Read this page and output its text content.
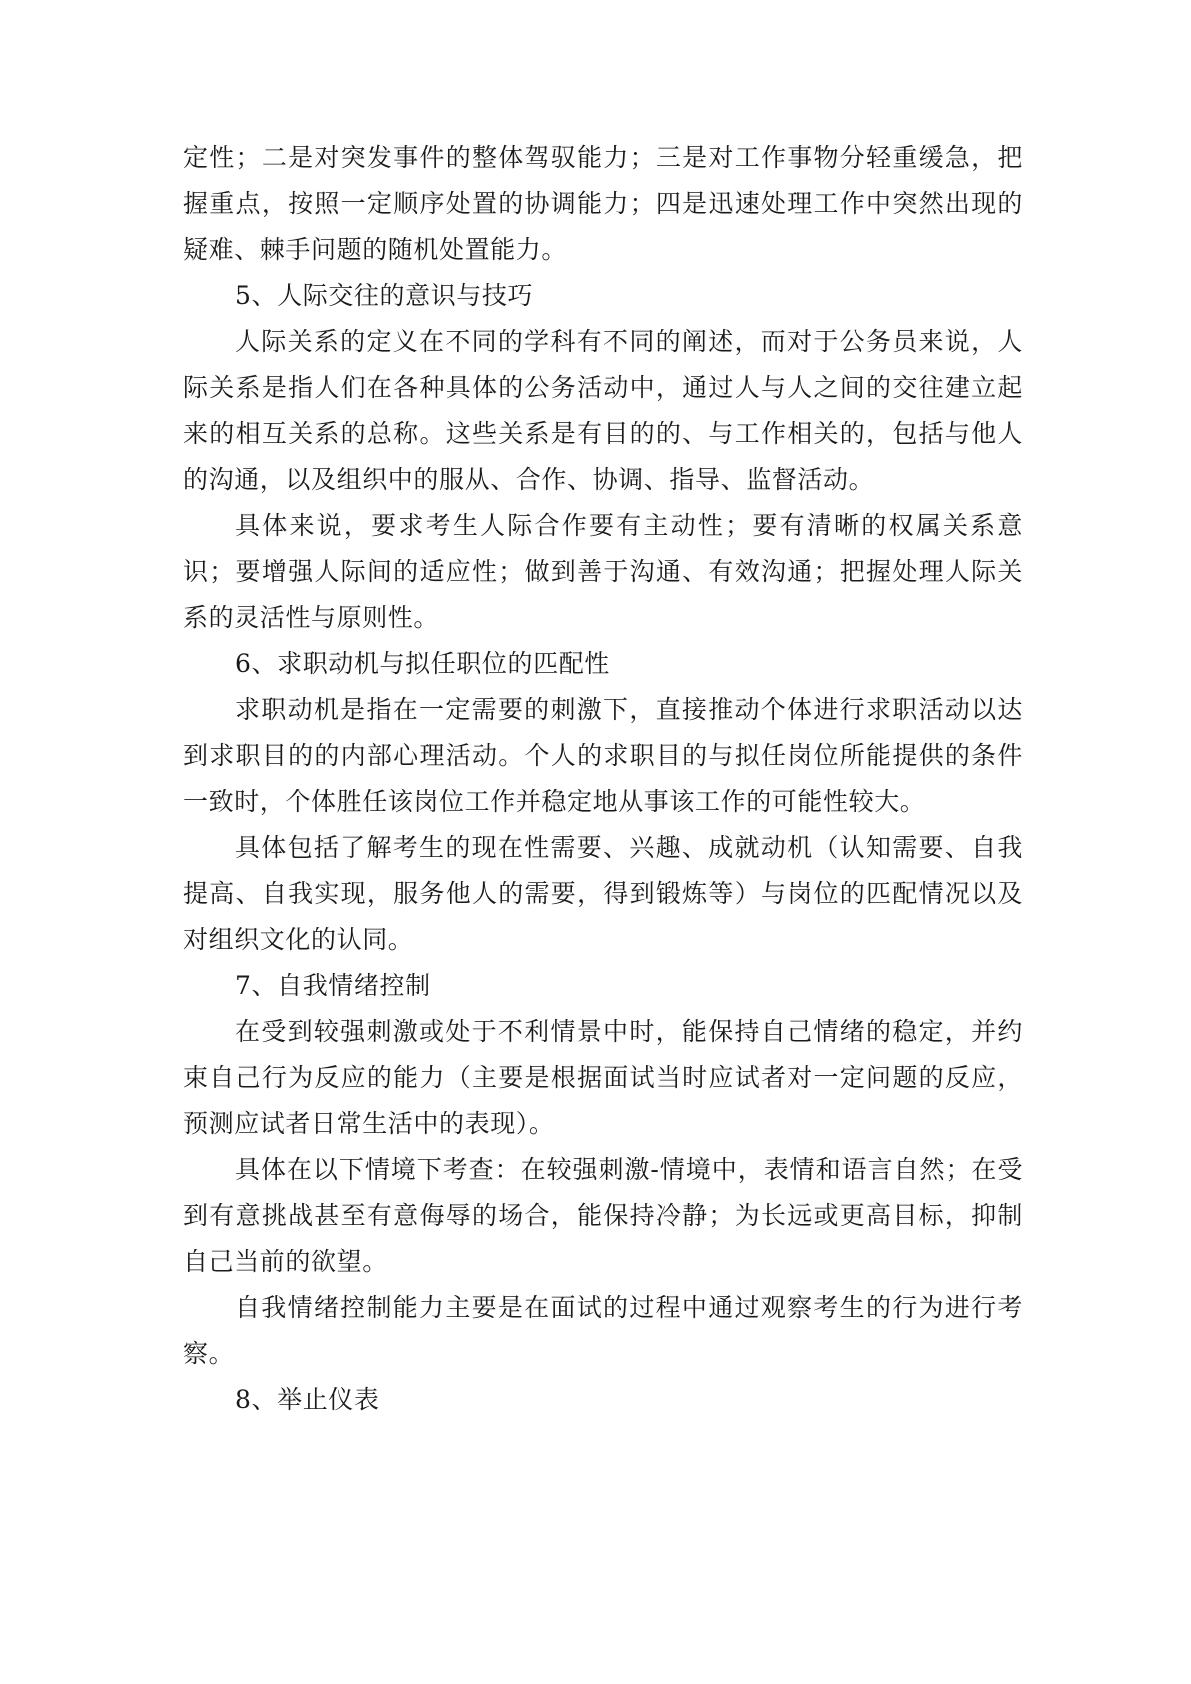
定性；二是对突发事件的整体驾驭能力；三是对工作事物分轻重缓急，把握重点，按照一定顺序处置的协调能力；四是迅速处理工作中突然出现的疑难、棘手问题的随机处置能力。

5、人际交往的意识与技巧

人际关系的定义在不同的学科有不同的阐述，而对于公务员来说，人际关系是指人们在各种具体的公务活动中，通过人与人之间的交往建立起来的相互关系的总称。这些关系是有目的的、与工作相关的，包括与他人的沟通，以及组织中的服从、合作、协调、指导、监督活动。

具体来说，要求考生人际合作要有主动性；要有清晰的权属关系意识；要增强人际间的适应性；做到善于沟通、有效沟通；把握处理人际关系的灵活性与原则性。

6、求职动机与拟任职位的匹配性

求职动机是指在一定需要的刺激下，直接推动个体进行求职活动以达到求职目的的内部心理活动。个人的求职目的与拟任岗位所能提供的条件一致时，个体胜任该岗位工作并稳定地从事该工作的可能性较大。

具体包括了解考生的现在性需要、兴趣、成就动机（认知需要、自我提高、自我实现，服务他人的需要，得到锻炼等）与岗位的匹配情况以及对组织文化的认同。

7、自我情绪控制

在受到较强刺激或处于不利情景中时，能保持自己情绪的稳定，并约束自己行为反应的能力（主要是根据面试当时应试者对一定问题的反应，预测应试者日常生活中的表现）。

具体在以下情境下考查：在较强刺激-情境中，表情和语言自然；在受到有意挑战甚至有意侮辱的场合，能保持冷静；为长远或更高目标，抑制自己当前的欲望。

自我情绪控制能力主要是在面试的过程中通过观察考生的行为进行考察。

8、举止仪表
